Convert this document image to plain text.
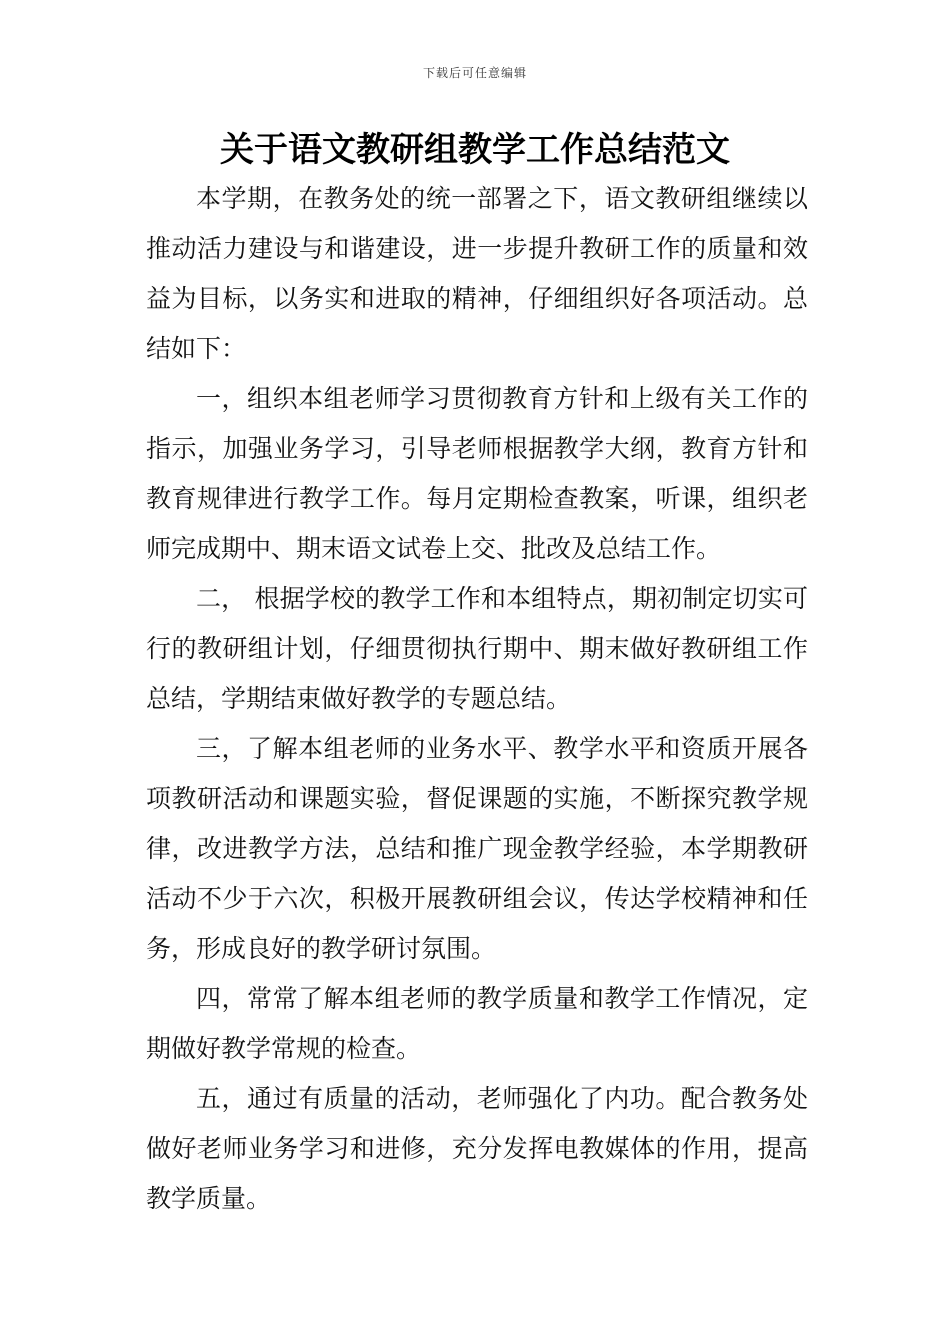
下载后可任意编辑
关于语文教研组教学工作总结范文

本学期，在教务处的统一部署之下，语文教研组继续以推动活力建设与和谐建设，进一步提升教研工作的质量和效益为目标，以务实和进取的精神，仔细组织好各项活动。总结如下：

一，组织本组老师学习贯彻教育方针和上级有关工作的指示，加强业务学习，引导老师根据教学大纲，教育方针和教育规律进行教学工作。每月定期检查教案，听课，组织老师完成期中、期末语文试卷上交、批改及总结工作。

二， 根据学校的教学工作和本组特点，期初制定切实可行的教研组计划，仔细贯彻执行期中、期末做好教研组工作总结，学期结束做好教学的专题总结。

三，了解本组老师的业务水平、教学水平和资质开展各项教研活动和课题实验，督促课题的实施，不断探究教学规律，改进教学方法，总结和推广现金教学经验，本学期教研活动不少于六次，积极开展教研组会议，传达学校精神和任务，形成良好的教学研讨氛围。

四，常常了解本组老师的教学质量和教学工作情况，定期做好教学常规的检查。

五，通过有质量的活动，老师强化了内功。配合教务处做好老师业务学习和进修，充分发挥电教媒体的作用，提高教学质量。
